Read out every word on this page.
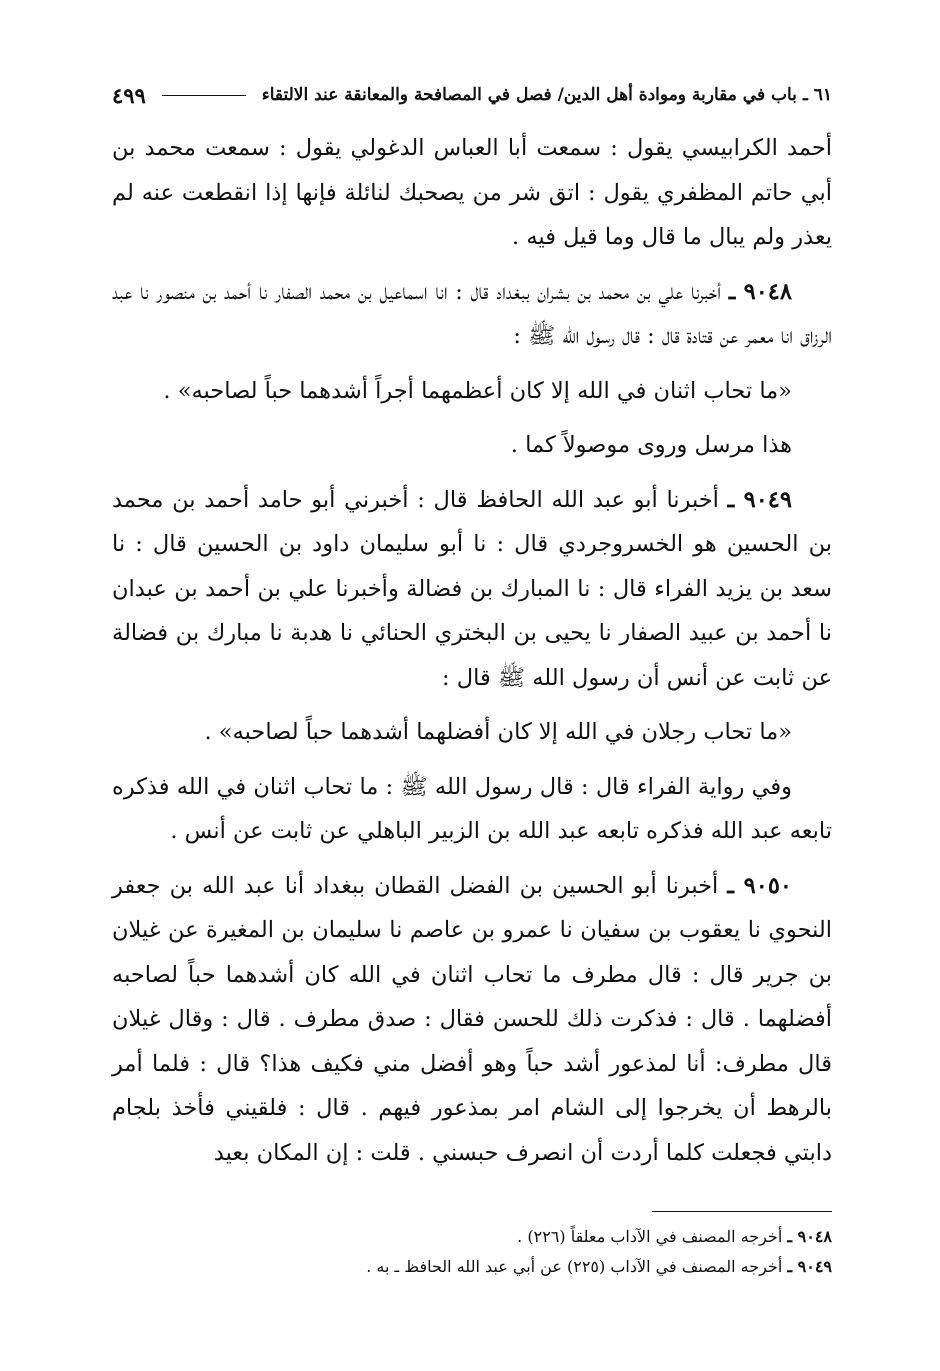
٦١ ـ باب في مقاربة وموادة أهل الدين/ فصل في المصافحة والمعانقة عند الالتقاء
٤٩٩

أحمد الكرابيسي يقول : سمعت أبا العباس الدغولي يقول : سمعت محمد بن أبي حاتم المظفري يقول : اتق شر من يصحبك لنائلة فإنها إذا انقطعت عنه لم يعذر ولم يبال ما قال وما قيل فيه .

٩٠٤٨ ـ أخبرنا علي بن محمد بن بشران ببغداد قال : انا اسماعيل بن محمد الصفار نا أحمد بن منصور نا عبد الرزاق انا معمر عن قتادة قال : قال رسول الله ﷺ :

«ما تحاب اثنان في الله إلا كان أعظمهما أجراً أشدهما حباً لصاحبه» .

هذا مرسل وروى موصولاً كما .

٩٠٤٩ ـ أخبرنا أبو عبد الله الحافظ قال : أخبرني أبو حامد أحمد بن محمد بن الحسين هو الخسروجردي قال : نا أبو سليمان داود بن الحسين قال : نا سعد بن يزيد الفراء قال : نا المبارك بن فضالة وأخبرنا علي بن أحمد بن عبدان نا أحمد بن عبيد الصفار نا يحيى بن البختري الحنائي نا هدبة نا مبارك بن فضالة عن ثابت عن أنس أن رسول الله ﷺ قال :

«ما تحاب رجلان في الله إلا كان أفضلهما أشدهما حباً لصاحبه» .

وفي رواية الفراء قال : قال رسول الله ﷺ : ما تحاب اثنان في الله فذكره تابعه عبد الله فذكره تابعه عبد الله بن الزبير الباهلي عن ثابت عن أنس .

٩٠٥٠ ـ أخبرنا أبو الحسين بن الفضل القطان ببغداد أنا عبد الله بن جعفر النحوي نا يعقوب بن سفيان نا عمرو بن عاصم نا سليمان بن المغيرة عن غيلان بن جرير قال : قال مطرف ما تحاب اثنان في الله كان أشدهما حباً لصاحبه أفضلهما . قال : فذكرت ذلك للحسن فقال : صدق مطرف . قال : وقال غيلان قال مطرف: أنا لمذعور أشد حباً وهو أفضل مني فكيف هذا؟ قال : فلما أمر بالرهط أن يخرجوا إلى الشام امر بمذعور فيهم . قال : فلقيني فأخذ بلجام دابتي فجعلت كلما أردت أن انصرف حبسني . قلت : إن المكان بعيد

٩٠٤٨ ـ أخرجه المصنف في الآداب معلقاً (٢٢٦) .

٩٠٤٩ ـ أخرجه المصنف في الآداب (٢٢٥) عن أبي عبد الله الحافظ ـ به .
